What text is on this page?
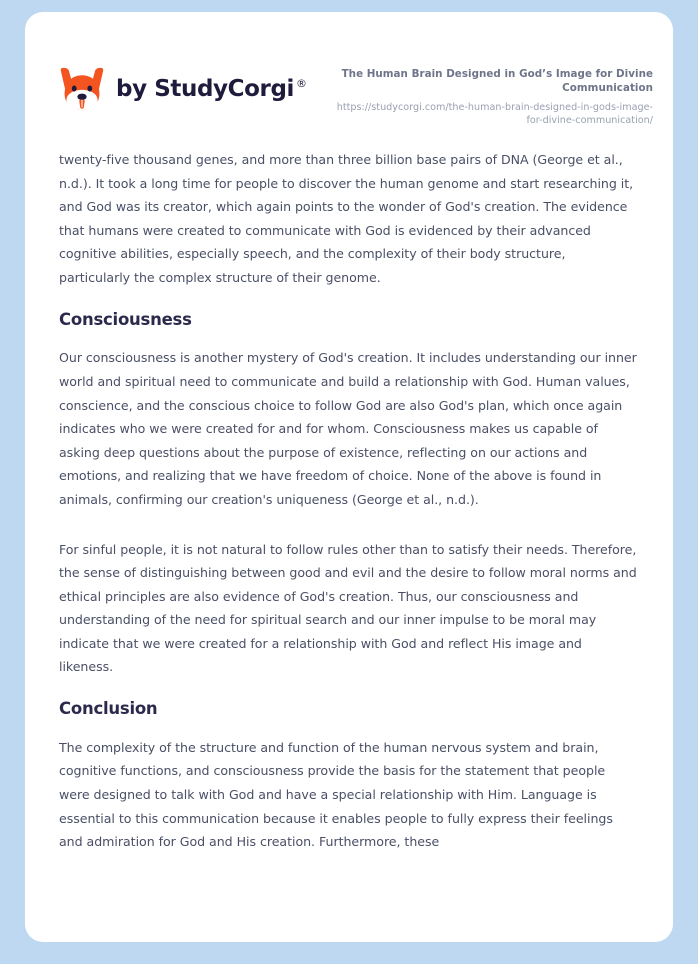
by StudyCorgi ®
The Human Brain Designed in God’s Image for Divine Communication
https://studycorgi.com/the-human-brain-designed-in-gods-image-for-divine-communication/

twenty-five thousand genes, and more than three billion base pairs of DNA (George et al., n.d.). It took a long time for people to discover the human genome and start researching it, and God was its creator, which again points to the wonder of God's creation. The evidence that humans were created to communicate with God is evidenced by their advanced cognitive abilities, especially speech, and the complexity of their body structure, particularly the complex structure of their genome.

Consciousness

Our consciousness is another mystery of God's creation. It includes understanding our inner world and spiritual need to communicate and build a relationship with God. Human values, conscience, and the conscious choice to follow God are also God's plan, which once again indicates who we were created for and for whom. Consciousness makes us capable of asking deep questions about the purpose of existence, reflecting on our actions and emotions, and realizing that we have freedom of choice. None of the above is found in animals, confirming our creation's uniqueness (George et al., n.d.).

For sinful people, it is not natural to follow rules other than to satisfy their needs. Therefore, the sense of distinguishing between good and evil and the desire to follow moral norms and ethical principles are also evidence of God's creation. Thus, our consciousness and understanding of the need for spiritual search and our inner impulse to be moral may indicate that we were created for a relationship with God and reflect His image and likeness.

Conclusion

The complexity of the structure and function of the human nervous system and brain, cognitive functions, and consciousness provide the basis for the statement that people were designed to talk with God and have a special relationship with Him. Language is essential to this communication because it enables people to fully express their feelings and admiration for God and His creation. Furthermore, these
